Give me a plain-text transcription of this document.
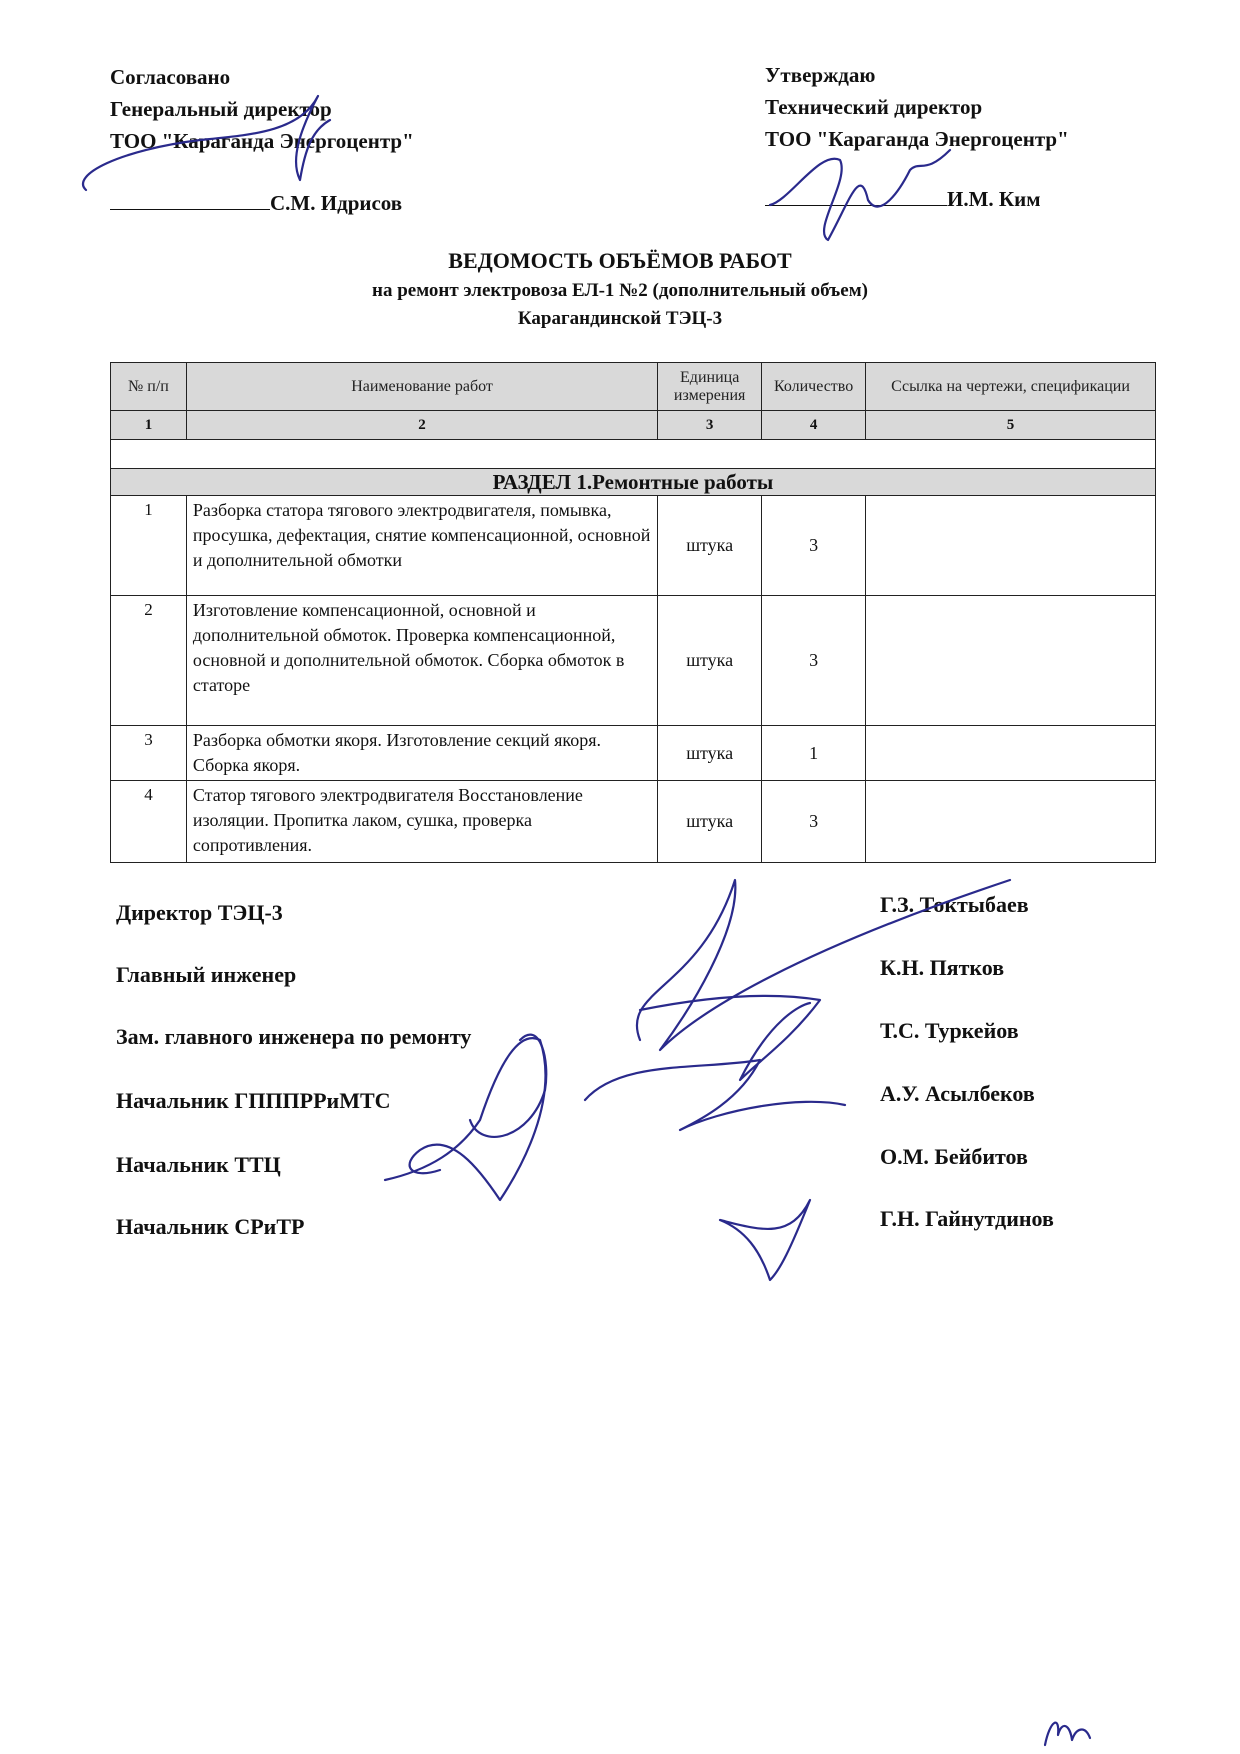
Согласовано
Генеральный директор
ТОО "Караганда Энергоцентр"
С.М. Идрисов
Утверждаю
Технический директор
ТОО "Караганда Энергоцентр"
И.М. Ким
ВЕДОМОСТЬ ОБЪЁМОВ РАБОТ
на ремонт электровоза ЕЛ-1 №2 (дополнительный объем)
Карагандинской ТЭЦ-3
№ п/п	Наименование работ	Единица измерения	Количество	Ссылка на чертежи, спецификации
1	2	3	4	5

РАЗДЕЛ 1.Ремонтные работы				
1	Разборка статора тягового электродвигателя, помывка, просушка, дефектация, снятие компенсационной, основной и дополнительной обмотки	штука	3	
2	Изготовление компенсационной, основной и дополнительной обмоток. Проверка компенсационной, основной и дополнительной обмоток. Сборка обмоток в статоре	штука	3	
3	Разборка обмотки якоря. Изготовление секций якоря. Сборка якоря.	штука	1	
4	Статор тягового электродвигателя Восстановление изоляции. Пропитка лаком, сушка, проверка сопротивления.	штука	3	
Директор ТЭЦ-3	Г.З. Токтыбаев
Главный инженер	К.Н. Пятков
Зам. главного инженера по ремонту	Т.С. Туркейов
Начальник ГПППРРиМТС	А.У. Асылбеков
Начальник ТТЦ	О.М. Бейбитов
Начальник СРиТР	Г.Н. Гайнутдинов
